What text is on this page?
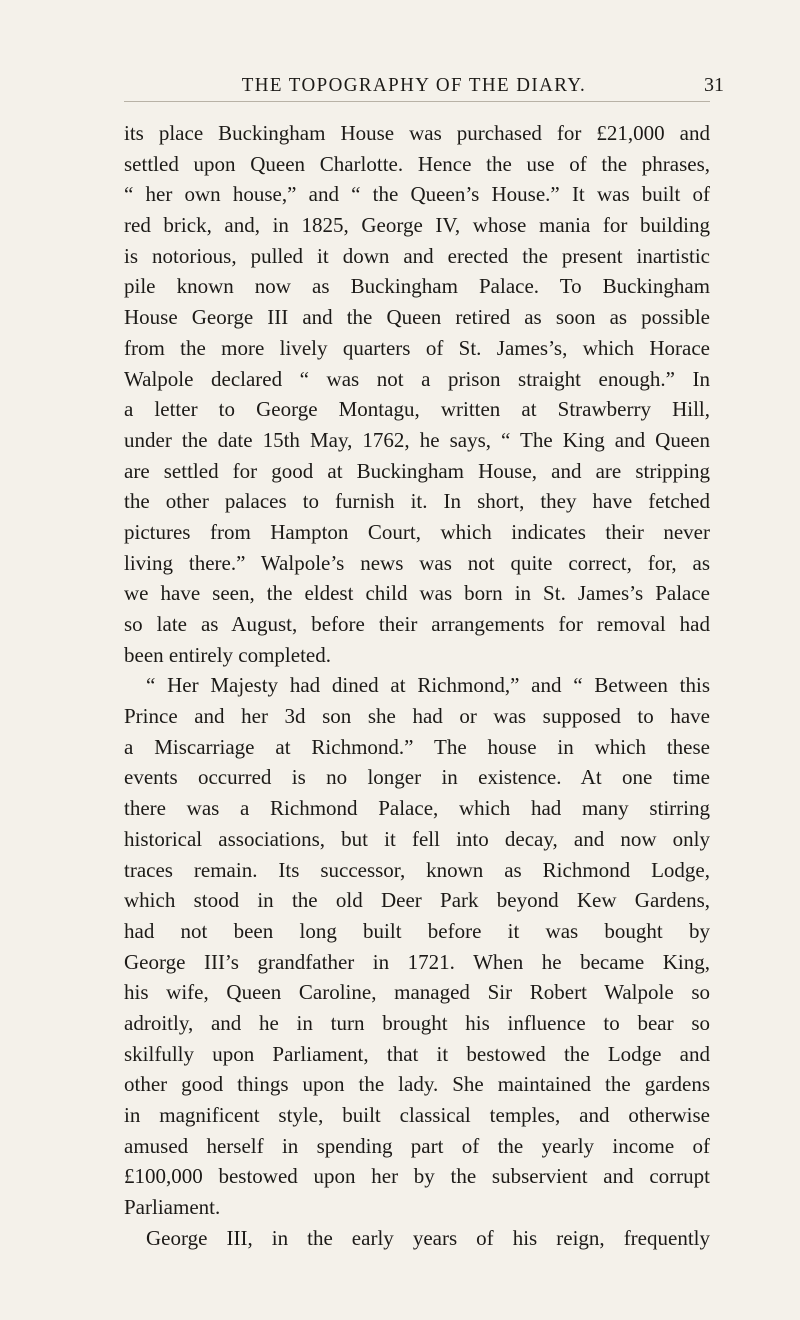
THE TOPOGRAPHY OF THE DIARY.	31
its place Buckingham House was purchased for £21,000 and
settled upon Queen Charlotte. Hence the use of the phrases,
“ her own house,” and “ the Queen’s House.” It was built of
red brick, and, in 1825, George IV, whose mania for building
is notorious, pulled it down and erected the present inartistic
pile known now as Buckingham Palace. To Buckingham
House George III and the Queen retired as soon as possible
from the more lively quarters of St. James’s, which Horace
Walpole declared “ was not a prison straight enough.” In
a letter to George Montagu, written at Strawberry Hill,
under the date 15th May, 1762, he says, “ The King and Queen
are settled for good at Buckingham House, and are stripping
the other palaces to furnish it. In short, they have fetched
pictures from Hampton Court, which indicates their never
living there.” Walpole’s news was not quite correct, for, as
we have seen, the eldest child was born in St. James’s Palace
so late as August, before their arrangements for removal had
been entirely completed.
“ Her Majesty had dined at Richmond,” and “ Between this
Prince and her 3d son she had or was supposed to have
a Miscarriage at Richmond.” The house in which these
events occurred is no longer in existence. At one time
there was a Richmond Palace, which had many stirring
historical associations, but it fell into decay, and now only
traces remain. Its successor, known as Richmond Lodge,
which stood in the old Deer Park beyond Kew Gardens,
had not been long built before it was bought by
George III’s grandfather in 1721. When he became King,
his wife, Queen Caroline, managed Sir Robert Walpole so
adroitly, and he in turn brought his influence to bear so
skilfully upon Parliament, that it bestowed the Lodge and
other good things upon the lady. She maintained the gardens
in magnificent style, built classical temples, and otherwise
amused herself in spending part of the yearly income of
£100,000 bestowed upon her by the subservient and corrupt
Parliament.
George III, in the early years of his reign, frequently
